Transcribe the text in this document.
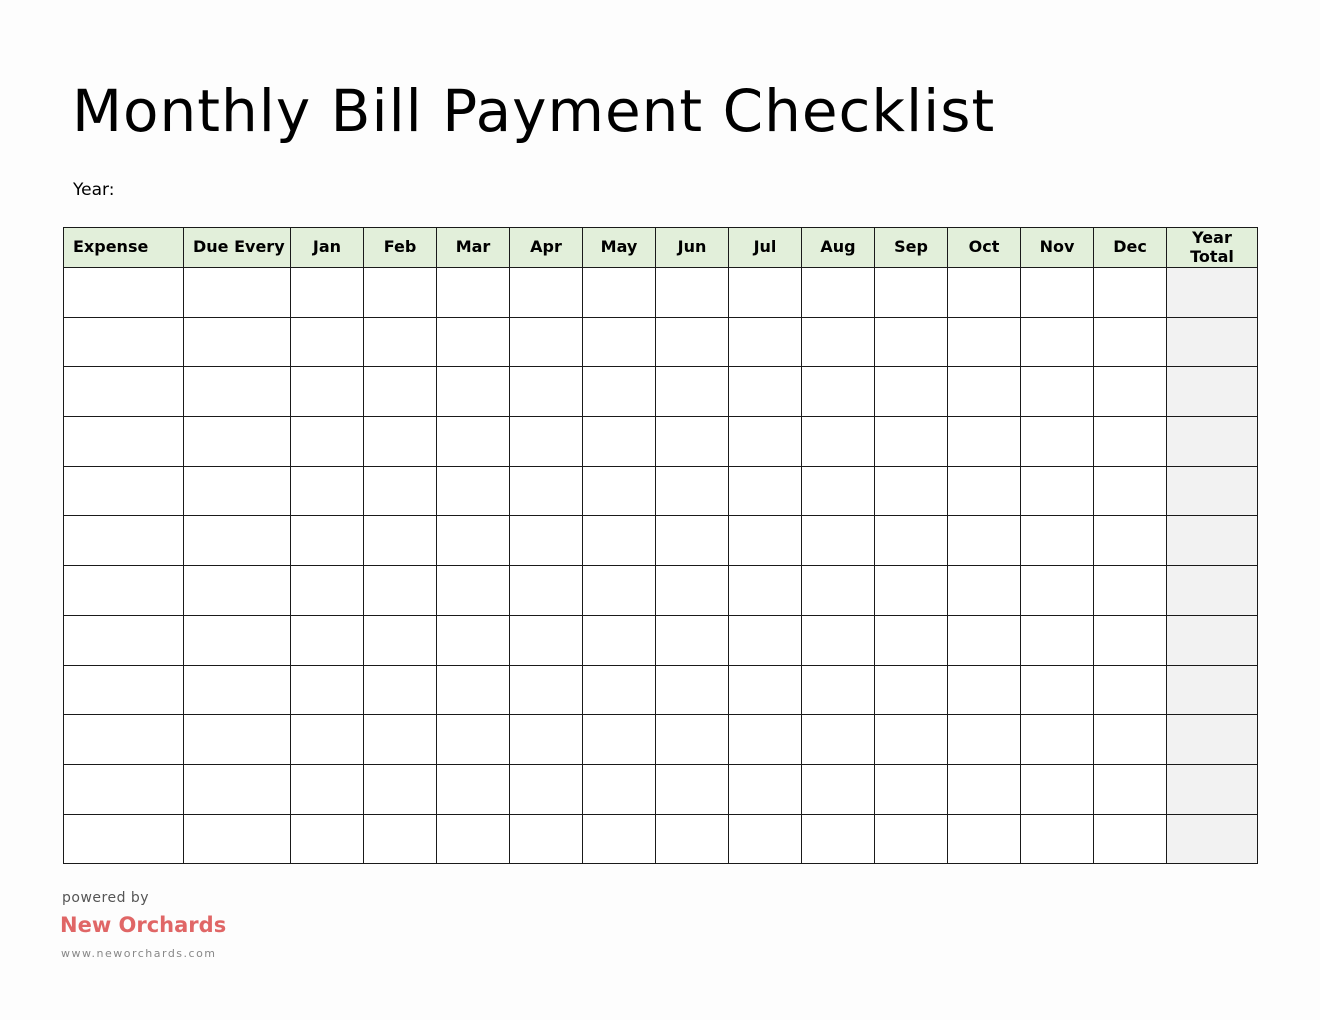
Monthly Bill Payment Checklist
Year:
Expense	Due Every	Jan	Feb	Mar	Apr	May	Jun	Jul	Aug	Sep	Oct	Nov	Dec	Year Total

powered by
New Orchards
www.neworchards.com
